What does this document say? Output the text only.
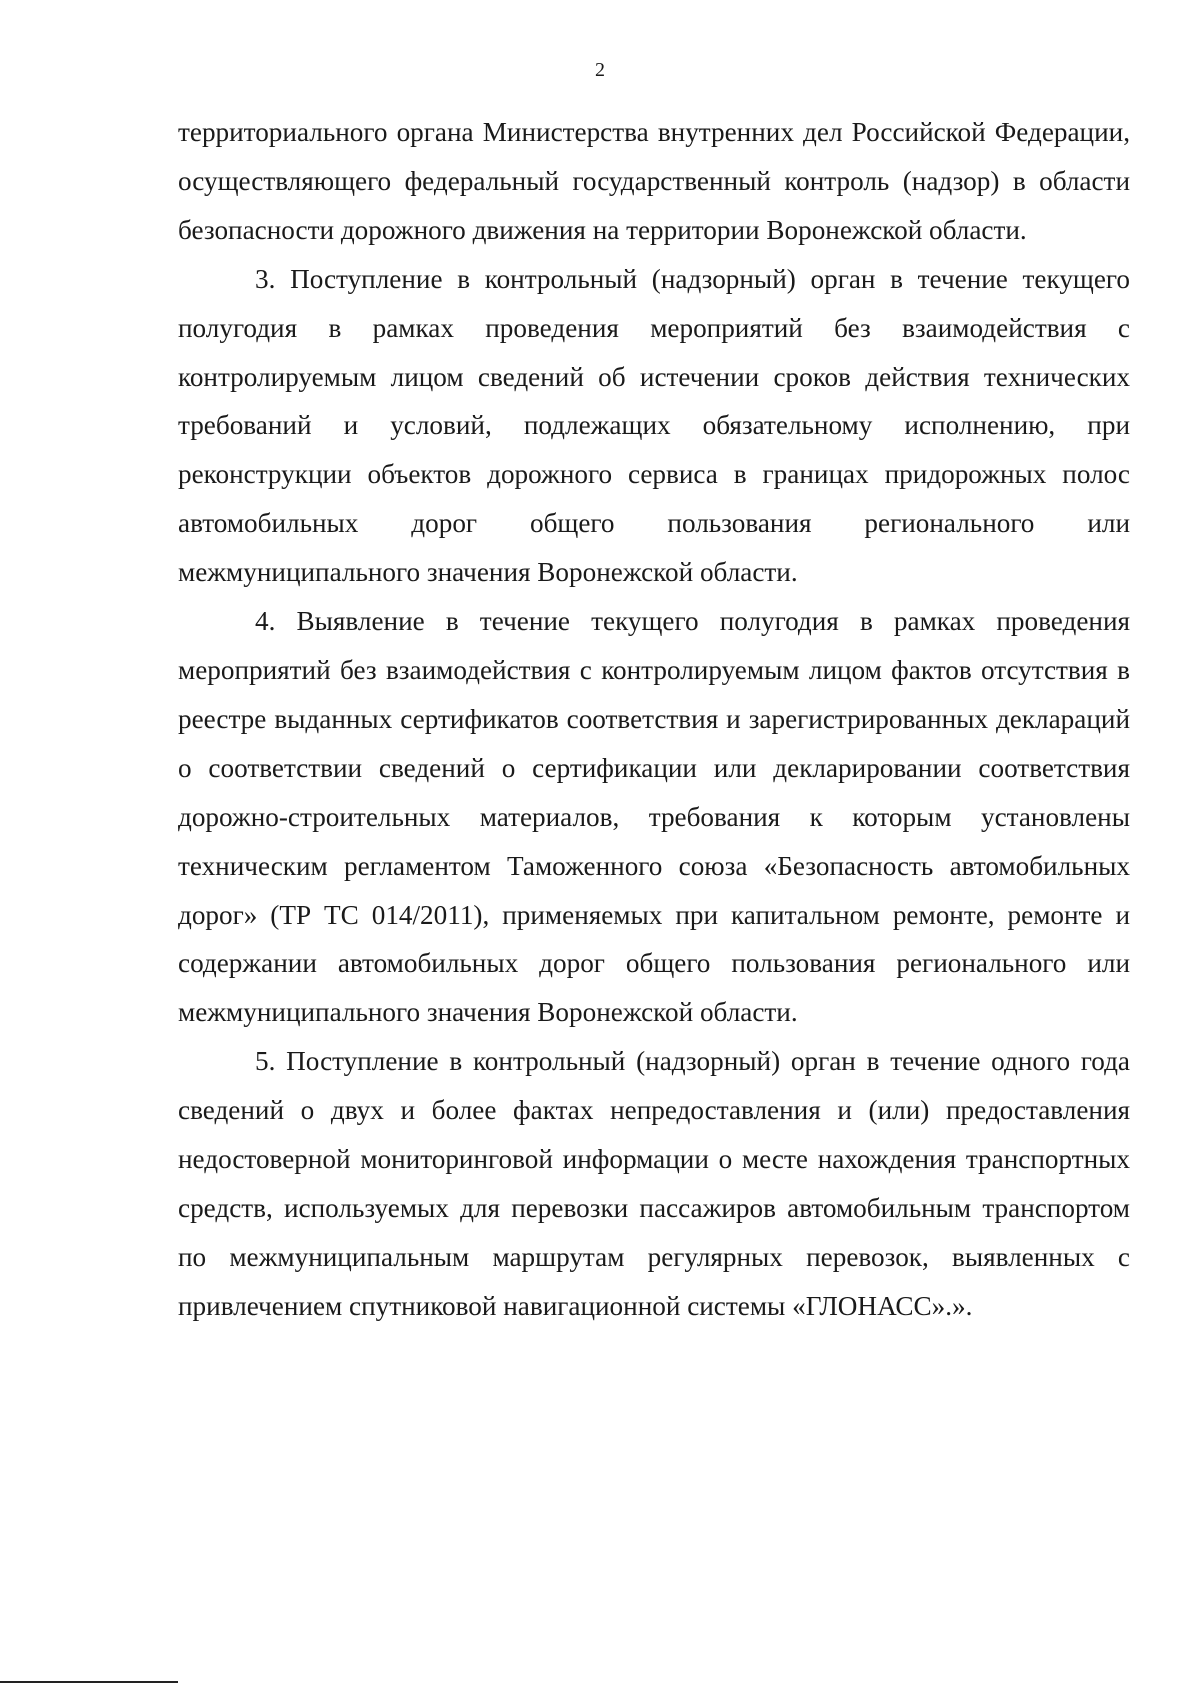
2

территориального органа Министерства внутренних дел Российской Федерации, осуществляющего федеральный государственный контроль (надзор) в области безопасности дорожного движения на территории Воронежской области.

3. Поступление в контрольный (надзорный) орган в течение текущего полугодия в рамках проведения мероприятий без взаимодействия с контролируемым лицом сведений об истечении сроков действия технических требований и условий, подлежащих обязательному исполнению, при реконструкции объектов дорожного сервиса в границах придорожных полос автомобильных дорог общего пользования регионального или межмуниципального значения Воронежской области.

4. Выявление в течение текущего полугодия в рамках проведения мероприятий без взаимодействия с контролируемым лицом фактов отсутствия в реестре выданных сертификатов соответствия и зарегистрированных деклараций о соответствии сведений о сертификации или декларировании соответствия дорожно-строительных материалов, требования к которым установлены техническим регламентом Таможенного союза «Безопасность автомобильных дорог» (ТР ТС 014/2011), применяемых при капитальном ремонте, ремонте и содержании автомобильных дорог общего пользования регионального или межмуниципального значения Воронежской области.

5. Поступление в контрольный (надзорный) орган в течение одного года сведений о двух и более фактах непредоставления и (или) предоставления недостоверной мониторинговой информации о месте нахождения транспортных средств, используемых для перевозки пассажиров автомобильным транспортом по межмуниципальным маршрутам регулярных перевозок, выявленных с привлечением спутниковой навигационной системы «ГЛОНАСС».».
